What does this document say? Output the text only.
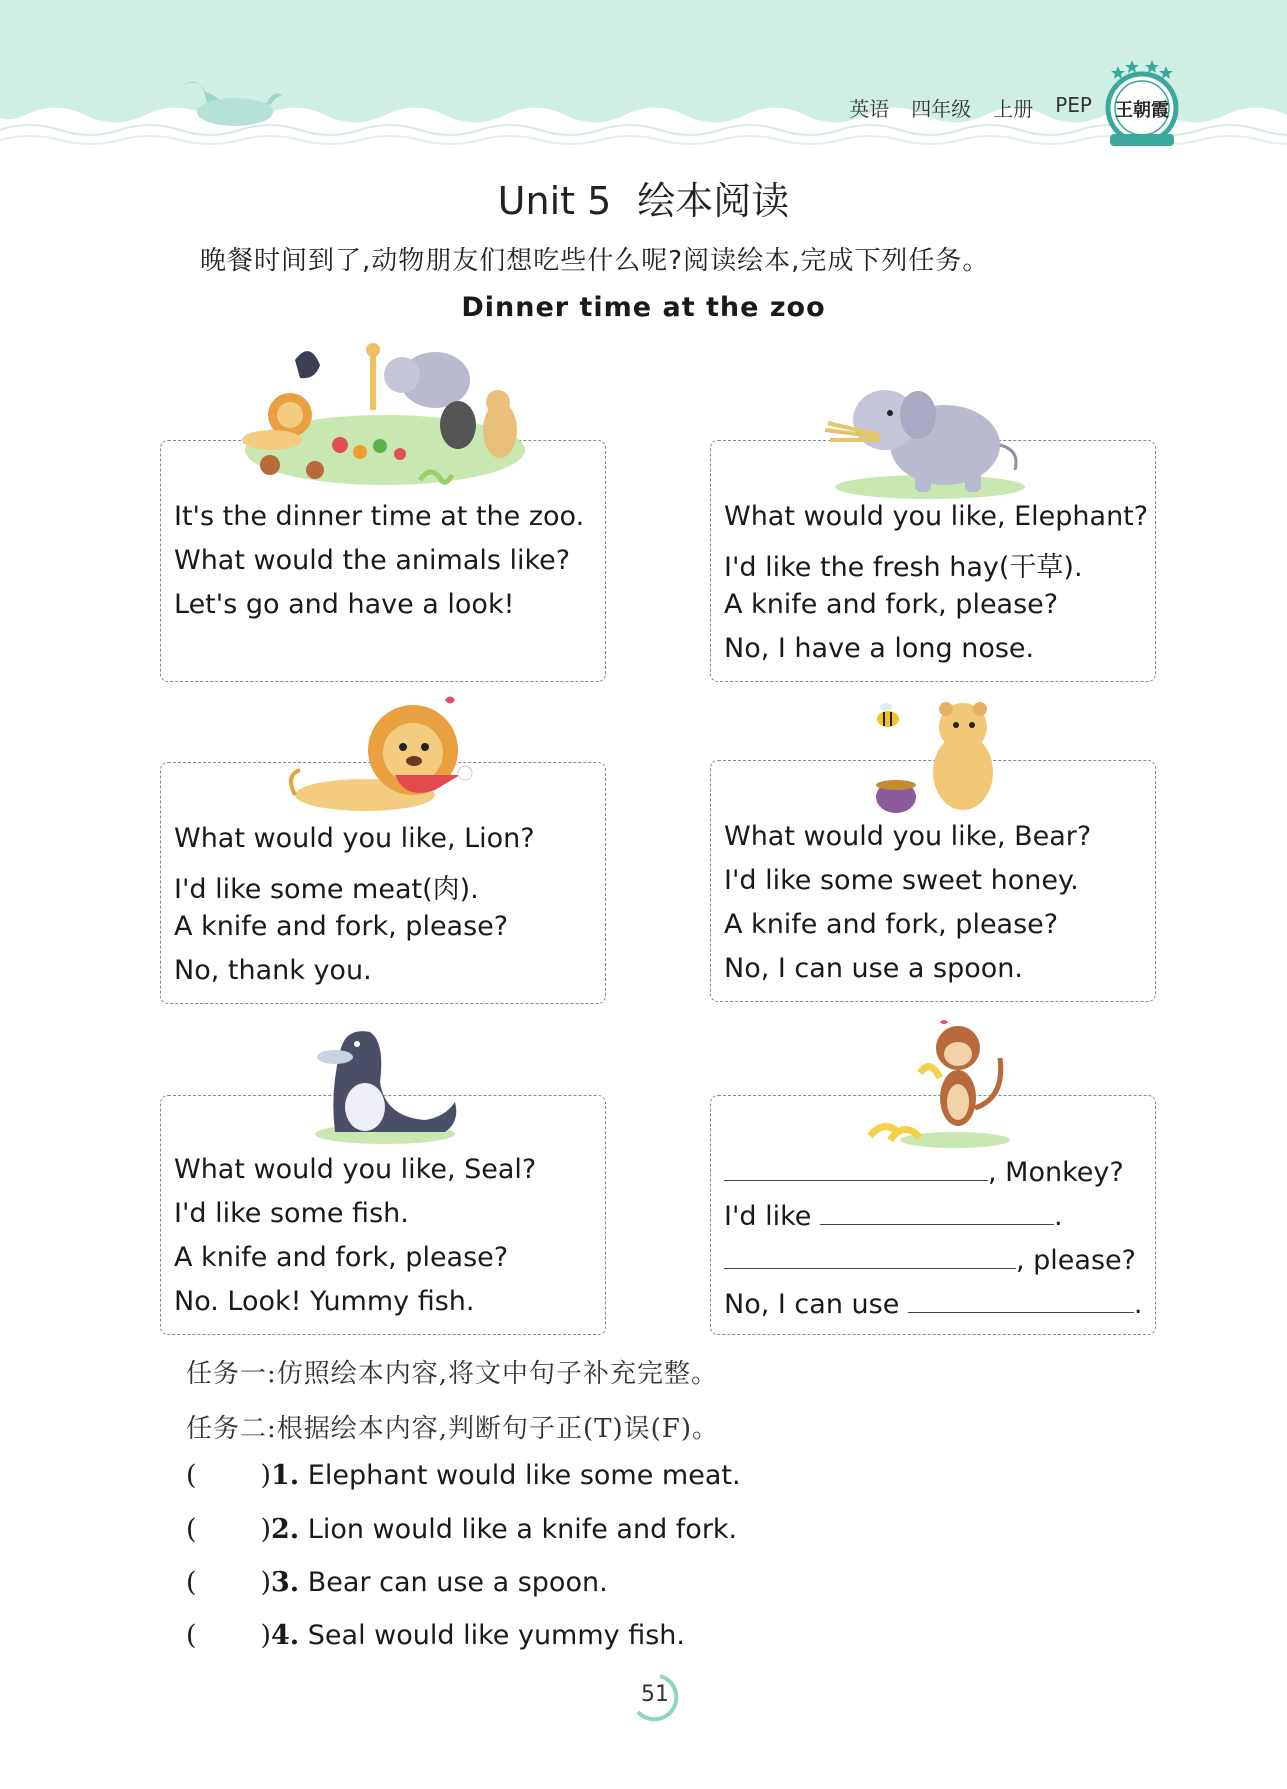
英语 四年级 上册 PEP 王朝霞
Unit 5 绘本阅读
晚餐时间到了,动物朋友们想吃些什么呢?阅读绘本,完成下列任务。
Dinner time at the zoo
It's the dinner time at the zoo.
What would the animals like?
Let's go and have a look!
What would you like, Elephant?
I'd like the fresh hay(干草).
A knife and fork, please?
No, I have a long nose.
What would you like, Lion?
I'd like some meat(肉).
A knife and fork, please?
No, thank you.
What would you like, Bear?
I'd like some sweet honey.
A knife and fork, please?
No, I can use a spoon.
What would you like, Seal?
I'd like some fish.
A knife and fork, please?
No. Look! Yummy fish.
, Monkey?
I'd like	.
, please?
No, I can use	.
任务一:仿照绘本内容,将文中句子补充完整。
任务二:根据绘本内容,判断句子正(T)误(F)。
( ) 1. Elephant would like some meat.
( ) 2. Lion would like a knife and fork.
( ) 3. Bear can use a spoon.
( ) 4. Seal would like yummy fish.
51
